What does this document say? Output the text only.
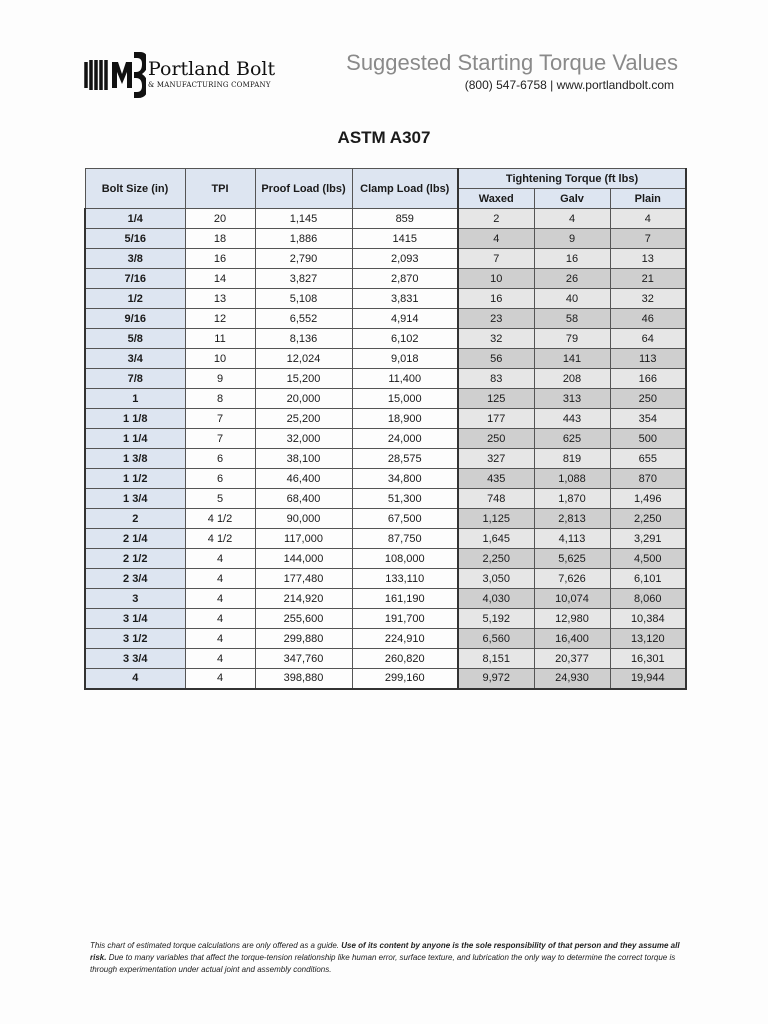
Portland Bolt
& MANUFACTURING COMPANY
Suggested Starting Torque Values
(800) 547-6758 | www.portlandbolt.com
ASTM A307
Bolt Size (in)	TPI	Proof Load (lbs)	Clamp Load (lbs)	Tightening Torque (ft lbs)		
				Waxed	Galv	Plain
1/4	20	1,145	859	2	4	4
5/16	18	1,886	1415	4	9	7
3/8	16	2,790	2,093	7	16	13
7/16	14	3,827	2,870	10	26	21
1/2	13	5,108	3,831	16	40	32
9/16	12	6,552	4,914	23	58	46
5/8	11	8,136	6,102	32	79	64
3/4	10	12,024	9,018	56	141	113
7/8	9	15,200	11,400	83	208	166
1	8	20,000	15,000	125	313	250
1 1/8	7	25,200	18,900	177	443	354
1 1/4	7	32,000	24,000	250	625	500
1 3/8	6	38,100	28,575	327	819	655
1 1/2	6	46,400	34,800	435	1,088	870
1 3/4	5	68,400	51,300	748	1,870	1,496
2	4 1/2	90,000	67,500	1,125	2,813	2,250
2 1/4	4 1/2	117,000	87,750	1,645	4,113	3,291
2 1/2	4	144,000	108,000	2,250	5,625	4,500
2 3/4	4	177,480	133,110	3,050	7,626	6,101
3	4	214,920	161,190	4,030	10,074	8,060
3 1/4	4	255,600	191,700	5,192	12,980	10,384
3 1/2	4	299,880	224,910	6,560	16,400	13,120
3 3/4	4	347,760	260,820	8,151	20,377	16,301
4	4	398,880	299,160	9,972	24,930	19,944
This chart of estimated torque calculations are only offered as a guide. Use of its content by anyone is the sole responsibility of that person and they assume all risk. Due to many variables that affect the torque-tension relationship like human error, surface texture, and lubrication the only way to determine the correct torque is through experimentation under actual joint and assembly conditions.
